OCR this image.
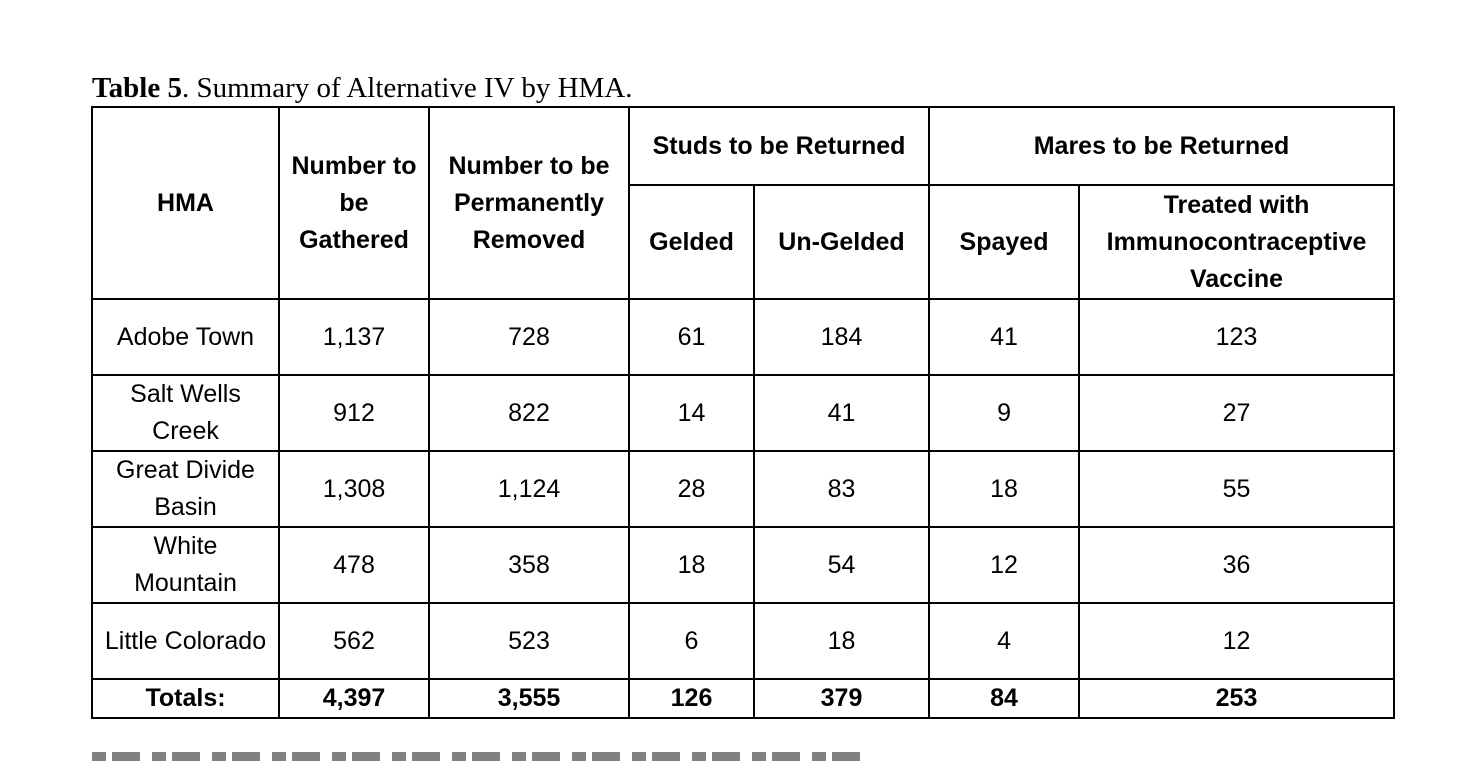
Table 5. Summary of Alternative IV by HMA.
HMA	Number to be Gathered	Number to be Permanently Removed	Studs to be Returned		Mares to be Returned	
			Gelded	Un-Gelded	Spayed	Treated with Immunocontraceptive Vaccine
Adobe Town	1,137	728	61	184	41	123
Salt Wells Creek	912	822	14	41	9	27
Great Divide Basin	1,308	1,124	28	83	18	55
White Mountain	478	358	18	54	12	36
Little Colorado	562	523	6	18	4	12
Totals:	4,397	3,555	126	379	84	253
